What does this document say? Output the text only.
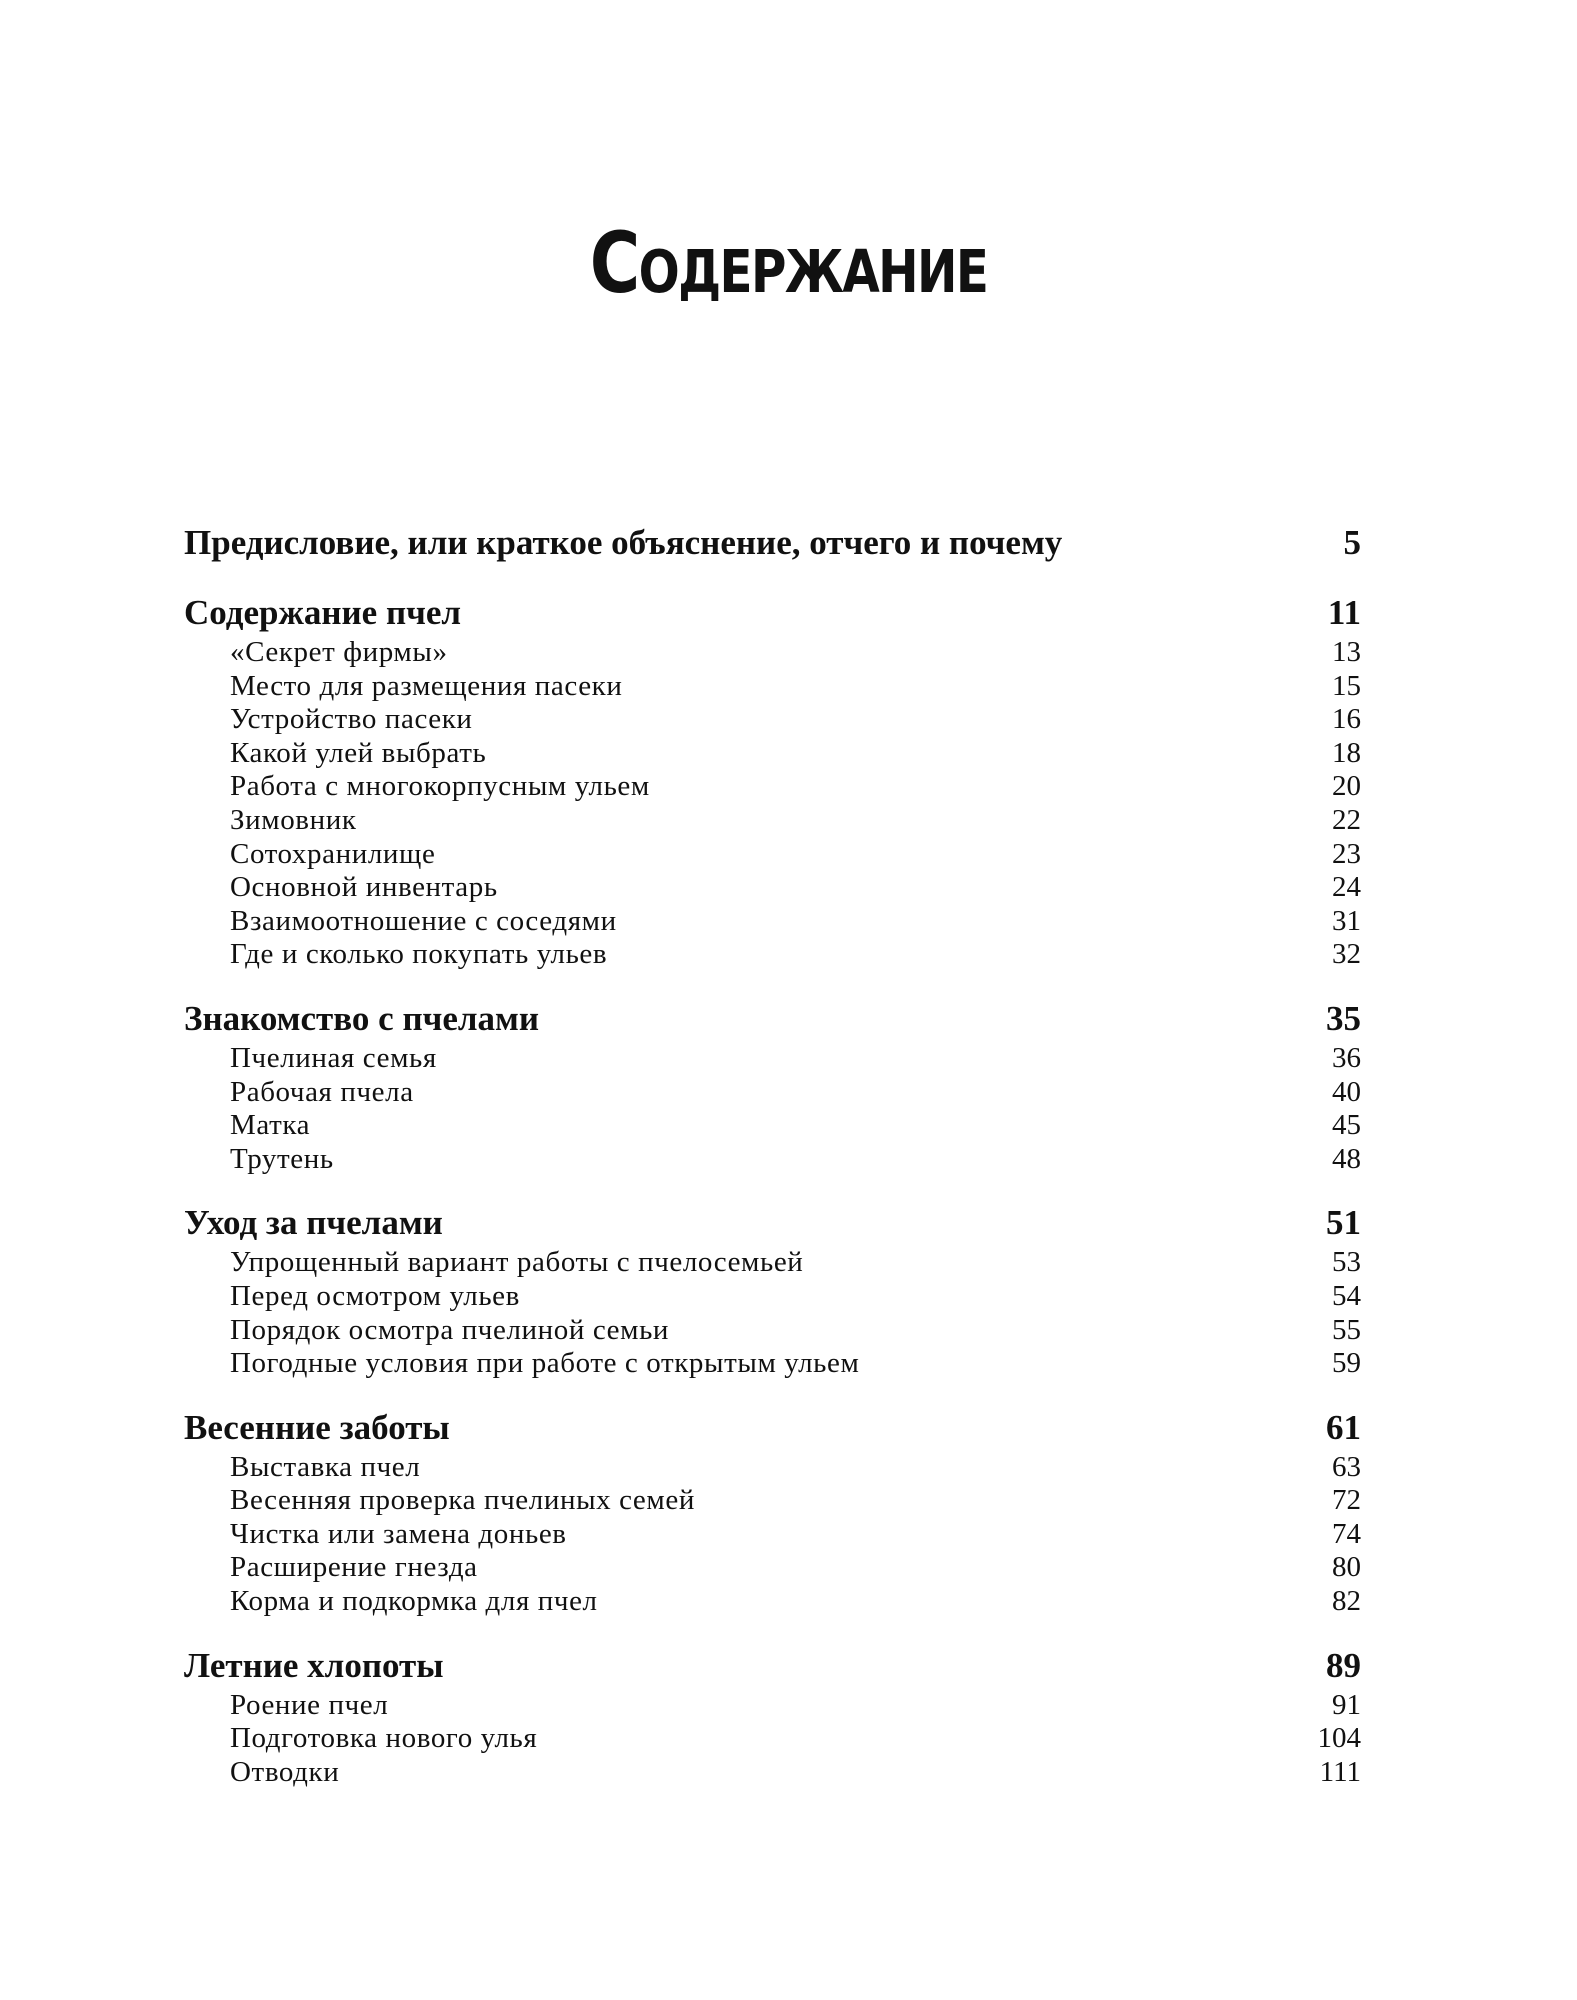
Содержание
Предисловие, или краткое объяснение, отчего и почему	5
Содержание пчел	11
«Секрет фирмы»	13
Место для размещения пасеки	15
Устройство пасеки	16
Какой улей выбрать	18
Работа с многокорпусным ульем	20
Зимовник	22
Сотохранилище	23
Основной инвентарь	24
Взаимоотношение с соседями	31
Где и сколько покупать ульев	32
Знакомство с пчелами	35
Пчелиная семья	36
Рабочая пчела	40
Матка	45
Трутень	48
Уход за пчелами	51
Упрощенный вариант работы с пчелосемьей	53
Перед осмотром ульев	54
Порядок осмотра пчелиной семьи	55
Погодные условия при работе с открытым ульем	59
Весенние заботы	61
Выставка пчел	63
Весенняя проверка пчелиных семей	72
Чистка или замена доньев	74
Расширение гнезда	80
Корма и подкормка для пчел	82
Летние хлопоты	89
Роение пчел	91
Подготовка нового улья	104
Отводки	111
